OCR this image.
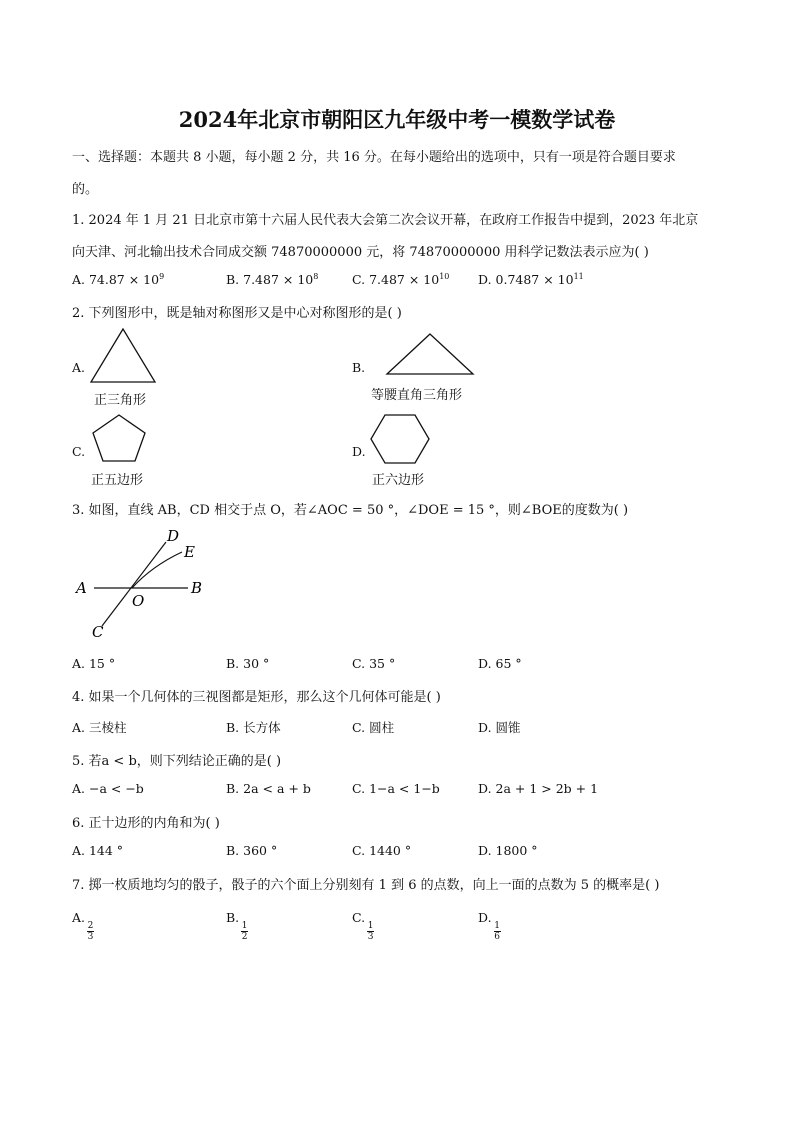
2024年北京市朝阳区九年级中考一模数学试卷
一、选择题：本题共 8 小题，每小题 2 分，共 16 分。在每小题给出的选项中，只有一项是符合题目要求
的。
1. 2024 年 1 月 21 日北京市第十六届人民代表大会第二次会议开幕，在政府工作报告中提到，2023 年北京
向天津、河北输出技术合同成交额 74870000000 元，将 74870000000 用科学记数法表示应为( )
A. $74.87 \times 10^9$	B. $7.487 \times 10^8$	C. $7.487 \times 10^{10}$ D. $0.7487 \times 10^{11}$
2. 下列图形中，既是轴对称图形又是中心对称图形的是( )
A.
正三角形
B.
等腰直角三角形
C.
正五边形
D.
正六边形
3. 如图，直线 AB，CD 相交于点 O，若∠AOC = 50 °，∠DOE = 15 °，则∠BOE的度数为( )
A	B
C
D
E
O
A. 15 °	B. 30 °	C. 35 °	D. 65 °
4. 如果一个几何体的三视图都是矩形，那么这个几何体可能是( )
A. 三棱柱	B. 长方体	C. 圆柱	D. 圆锥
5. 若a < b，则下列结论正确的是( )
A. −a < −b	B. 2a < a + b	C. 1−a < 1−b	D. 2a + 1 > 2b + 1
6. 正十边形的内角和为( )
A. 144 °	B. 360 °	C. 1440 °	D. 1800 °
7. 掷一枚质地均匀的骰子，骰子的六个面上分别刻有 1 到 6 的点数，向上一面的点数为 5 的概率是( )
A.
$\frac{2}{3}$
B.
$\frac{1}{2}$
C.
$\frac{1}{3}$
D.
$\frac{1}{6}$
